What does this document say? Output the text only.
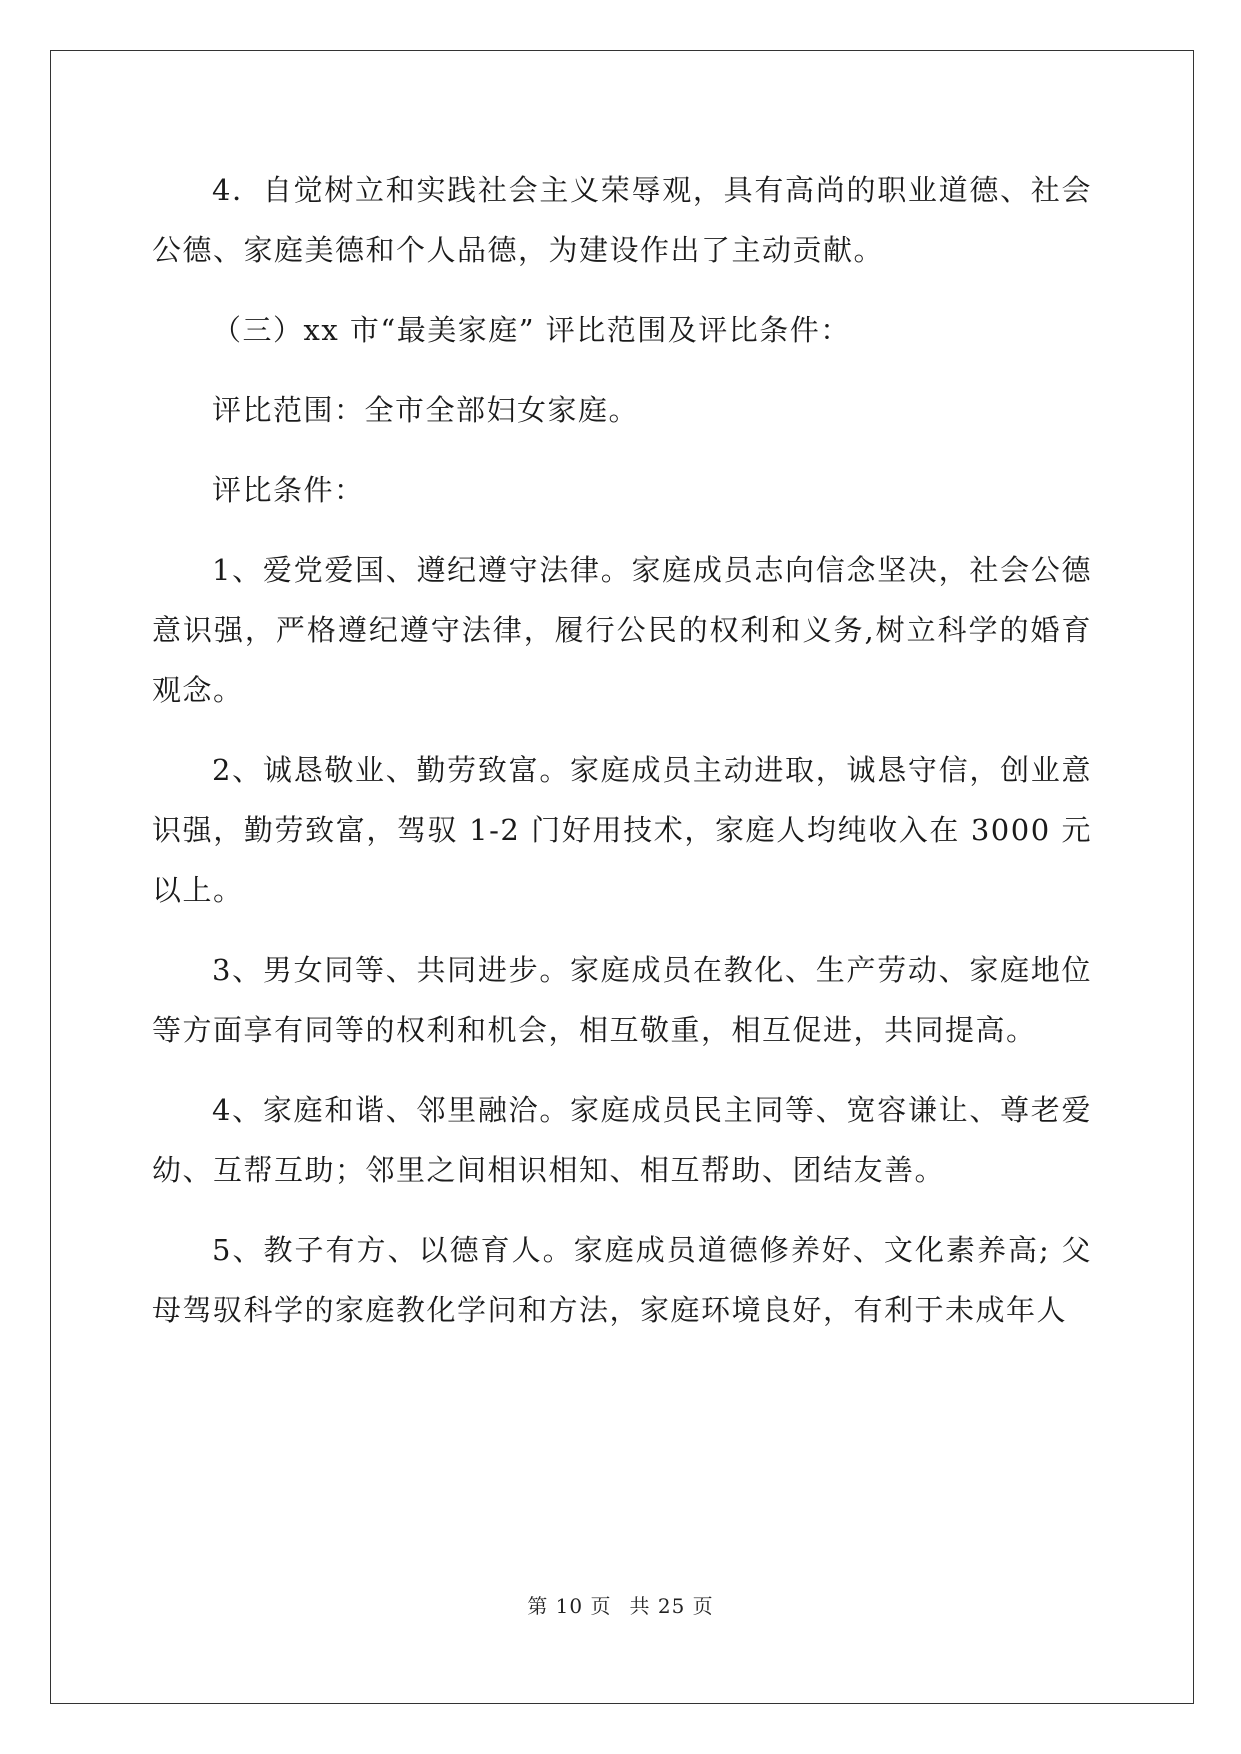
4．自觉树立和实践社会主义荣辱观，具有高尚的职业道德、社会公德、家庭美德和个人品德，为建设作出了主动贡献。

（三）xx 市“最美家庭” 评比范围及评比条件：

评比范围：全市全部妇女家庭。

评比条件：

1、爱党爱国、遵纪遵守法律。家庭成员志向信念坚决，社会公德意识强，严格遵纪遵守法律，履行公民的权利和义务,树立科学的婚育观念。

2、诚恳敬业、勤劳致富。家庭成员主动进取，诚恳守信，创业意识强，勤劳致富，驾驭 1-2 门好用技术，家庭人均纯收入在 3000 元以上。

3、男女同等、共同进步。家庭成员在教化、生产劳动、家庭地位等方面享有同等的权利和机会，相互敬重，相互促进，共同提高。

4、家庭和谐、邻里融洽。家庭成员民主同等、宽容谦让、尊老爱幼、互帮互助；邻里之间相识相知、相互帮助、团结友善。

5、教子有方、以德育人。家庭成员道德修养好、文化素养高; 父母驾驭科学的家庭教化学问和方法，家庭环境良好，有利于未成年人

第 10 页 共 25 页
